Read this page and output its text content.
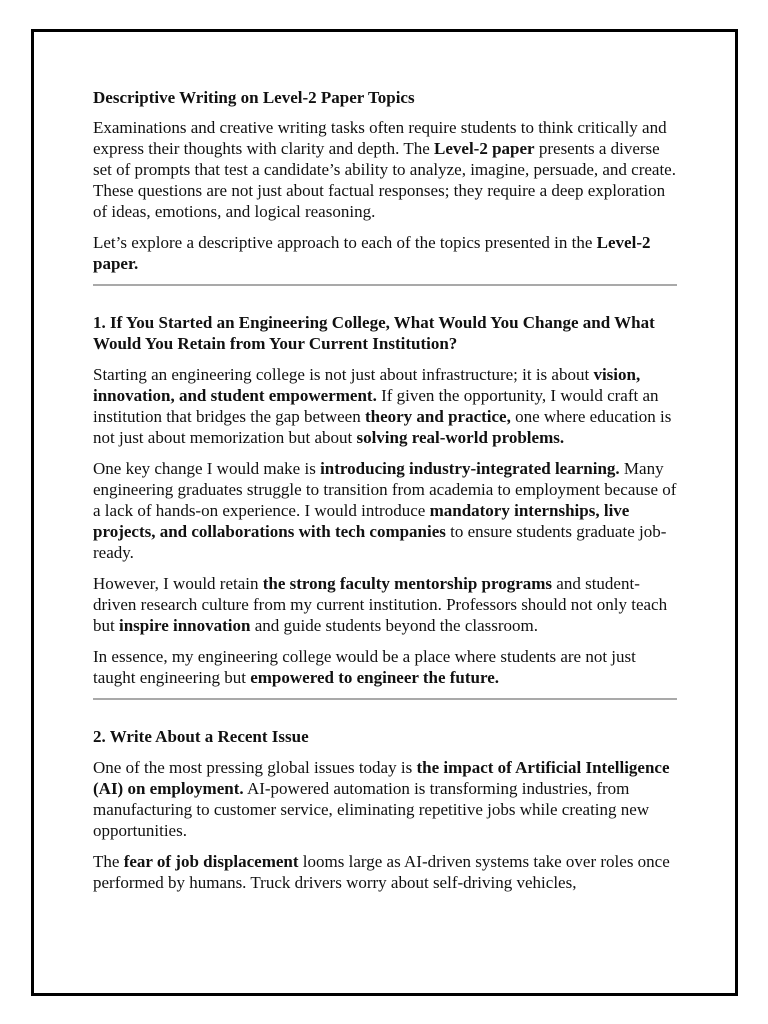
Descriptive Writing on Level-2 Paper Topics

Examinations and creative writing tasks often require students to think critically and express their thoughts with clarity and depth. The Level-2 paper presents a diverse set of prompts that test a candidate’s ability to analyze, imagine, persuade, and create. These questions are not just about factual responses; they require a deep exploration of ideas, emotions, and logical reasoning.

Let’s explore a descriptive approach to each of the topics presented in the Level-2 paper.

1. If You Started an Engineering College, What Would You Change and What Would You Retain from Your Current Institution?

Starting an engineering college is not just about infrastructure; it is about vision, innovation, and student empowerment. If given the opportunity, I would craft an institution that bridges the gap between theory and practice, one where education is not just about memorization but about solving real-world problems.

One key change I would make is introducing industry-integrated learning. Many engineering graduates struggle to transition from academia to employment because of a lack of hands-on experience. I would introduce mandatory internships, live projects, and collaborations with tech companies to ensure students graduate job-ready.

However, I would retain the strong faculty mentorship programs and student-driven research culture from my current institution. Professors should not only teach but inspire innovation and guide students beyond the classroom.

In essence, my engineering college would be a place where students are not just taught engineering but empowered to engineer the future.

2. Write About a Recent Issue

One of the most pressing global issues today is the impact of Artificial Intelligence (AI) on employment. AI-powered automation is transforming industries, from manufacturing to customer service, eliminating repetitive jobs while creating new opportunities.

The fear of job displacement looms large as AI-driven systems take over roles once performed by humans. Truck drivers worry about self-driving vehicles,
